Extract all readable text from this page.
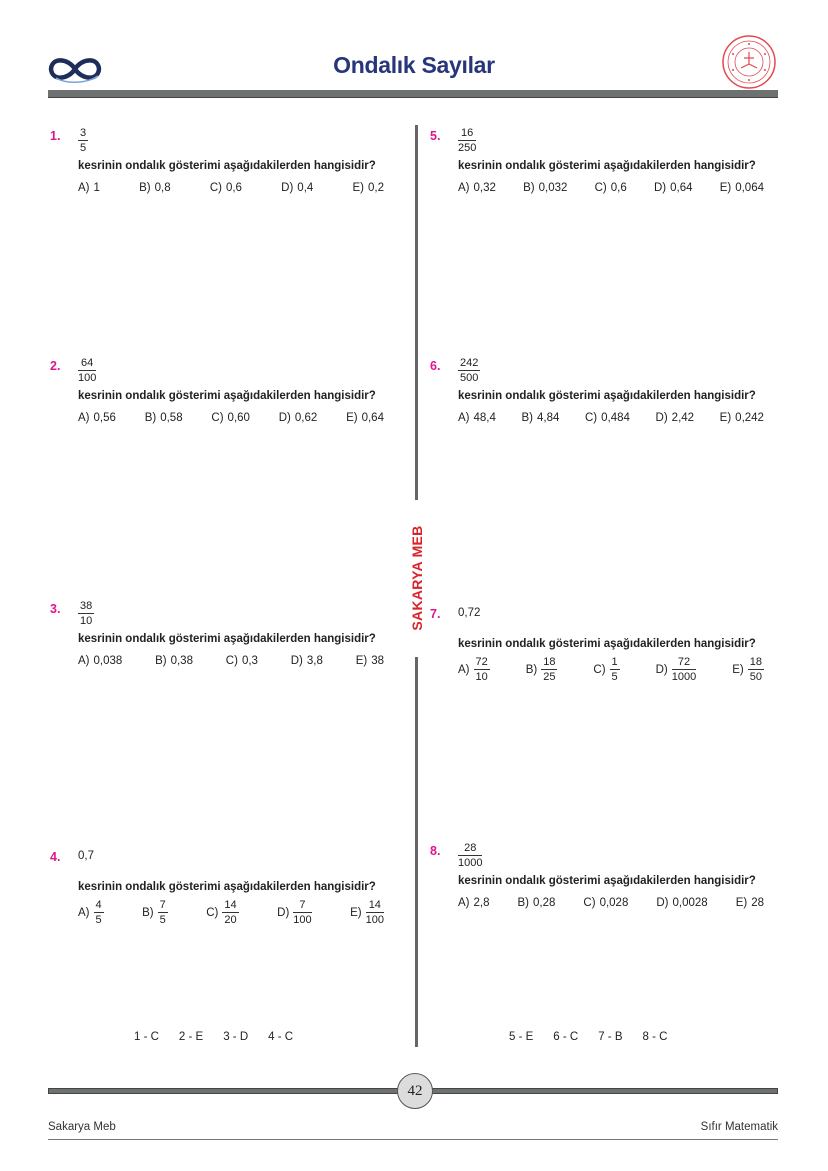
Ondalık Sayılar
SAKARYA MEB
1. $\frac{3}{5}$
kesrinin ondalık gösterimi aşağıdakilerden hangisidir?
A) 1	B) 0,8	C) 0,6	D) 0,4	E) 0,2
2. $\frac{64}{100}$
kesrinin ondalık gösterimi aşağıdakilerden hangisidir?
A) 0,56	B) 0,58	C) 0,60	D) 0,62	E) 0,64
3. $\frac{38}{10}$
kesrinin ondalık gösterimi aşağıdakilerden hangisidir?
A) 0,038	B) 0,38	C) 0,3	D) 3,8	E) 38
4. 0,7
kesrinin ondalık gösterimi aşağıdakilerden hangisidir?
$A) \frac{4}{5}$	$B) \frac{7}{5}$	$C) \frac{14}{20}$	$D) \frac{7}{100}$	$E) \frac{14}{100}$
5. $\frac{16}{250}$
kesrinin ondalık gösterimi aşağıdakilerden hangisidir?
A) 0,32 B) 0,032 C) 0,6 D) 0,64 E) 0,064
6. $\frac{242}{500}$
kesrinin ondalık gösterimi aşağıdakilerden hangisidir?
A) 48,4 B) 4,84 C) 0,484 D) 2,42 E) 0,242
7. 0,72
kesrinin ondalık gösterimi aşağıdakilerden hangisidir?
$A) \frac{72}{10}$	$B) \frac{18}{25}$	$C) \frac{1}{5}$	$D) \frac{72}{1000}$	$E) \frac{18}{50}$
8. $\frac{28}{1000}$
kesrinin ondalık gösterimi aşağıdakilerden hangisidir?
A) 2,8 B) 0,28 C) 0,028 D) 0,0028 E) 28
1 - C 2 - E 3 - D 4 - C	5 - E 6 - C 7 - B 8 - C
42
Sakarya Meb	Sıfır Matematik
